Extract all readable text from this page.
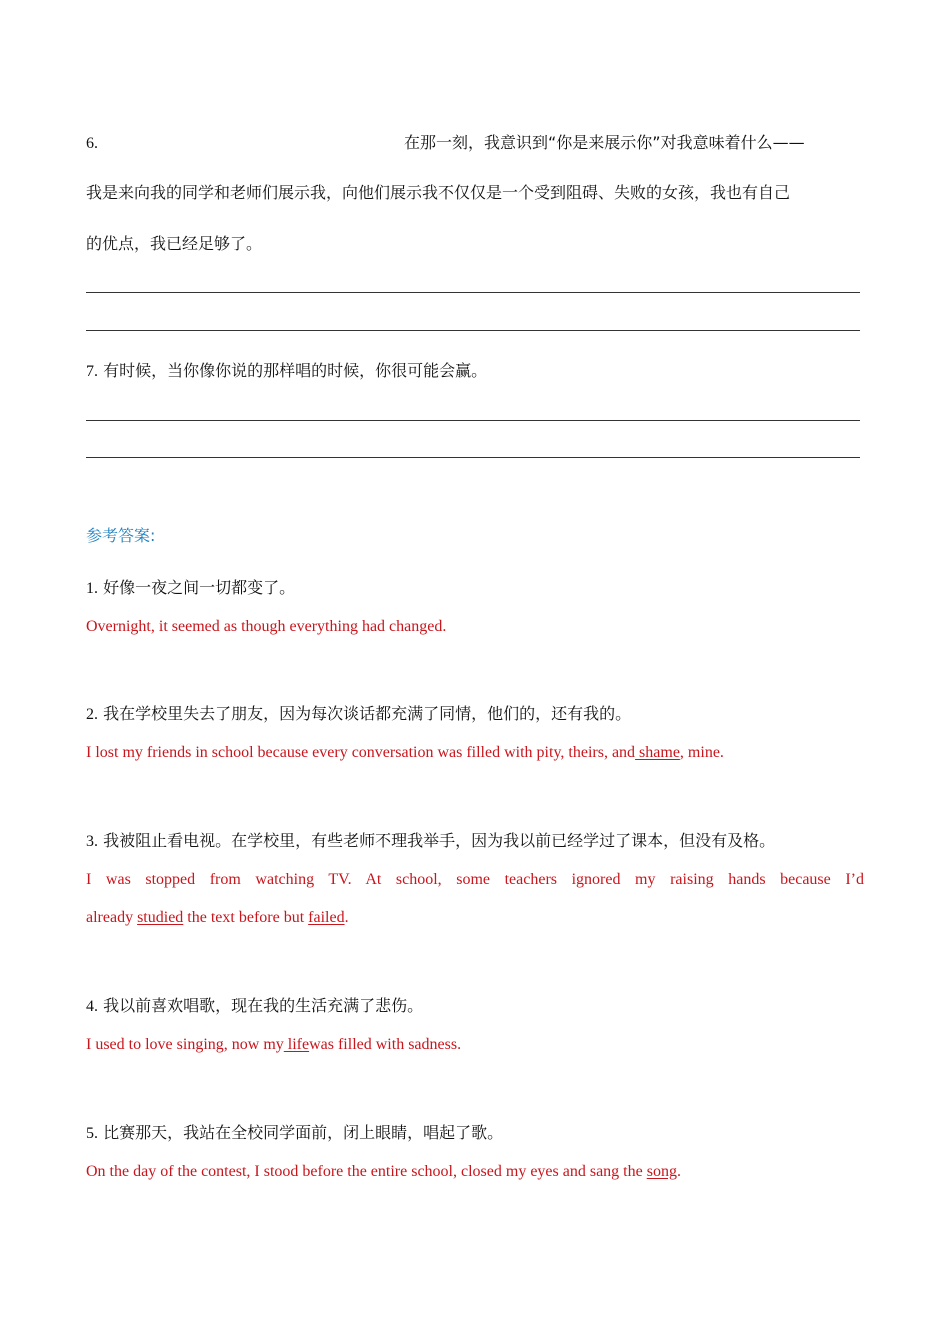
6.	在那一刻，我意识到“你是来展示你”对我意味着什么——

我是来向我的同学和老师们展示我，向他们展示我不仅仅是一个受到阻碍、失败的女孩，我也有自己

的优点，我已经足够了。

7. 有时候，当你像你说的那样唱的时候，你很可能会赢。

参考答案:

1. 好像一夜之间一切都变了。

Overnight, it seemed as though everything had changed.

2. 我在学校里失去了朋友，因为每次谈话都充满了同情，他们的，还有我的。

I lost my friends in school because every conversation was filled with pity, theirs, and shame, mine.

3. 我被阻止看电视。在学校里，有些老师不理我举手，因为我以前已经学过了课本，但没有及格。

I was stopped from watching TV. At school, some teachers ignored my raising hands because I’d

already studied the text before but failed.

4. 我以前喜欢唱歌，现在我的生活充满了悲伤。

I used to love singing, now my lifewas filled with sadness.

5. 比赛那天，我站在全校同学面前，闭上眼睛，唱起了歌。

On the day of the contest, I stood before the entire school, closed my eyes and sang the song.
